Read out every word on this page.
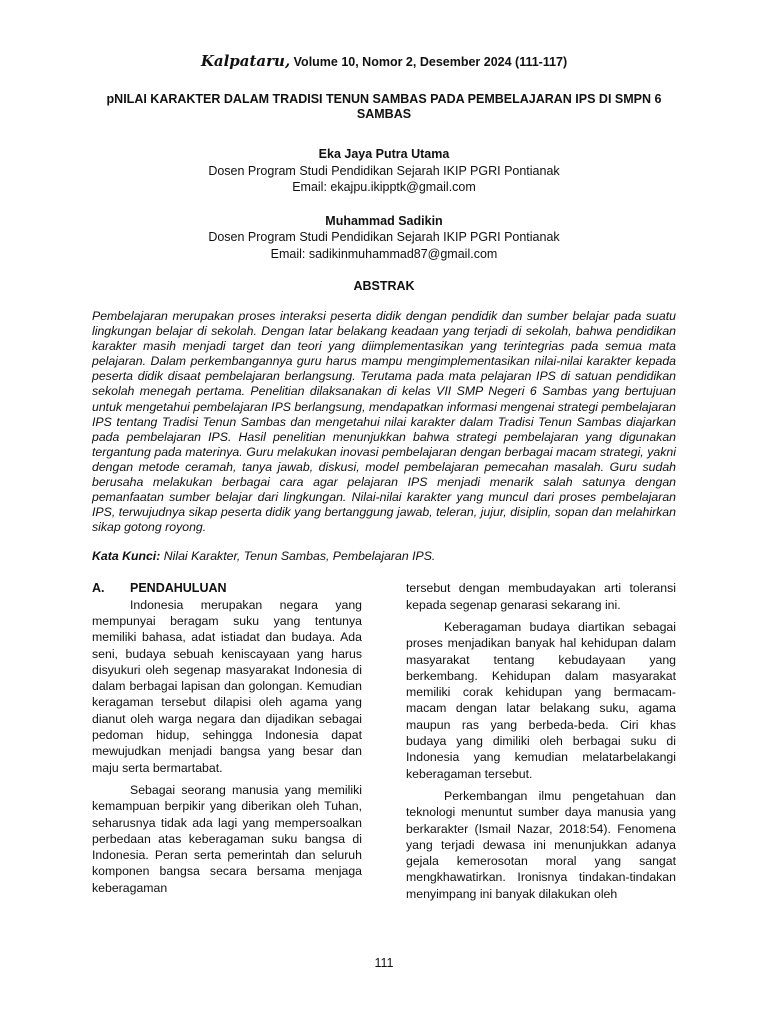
Kalpataru, Volume 10, Nomor 2, Desember 2024 (111-117)
pNILAI KARAKTER DALAM TRADISI TENUN SAMBAS PADA PEMBELAJARAN IPS DI SMPN 6 SAMBAS
Eka Jaya Putra Utama
Dosen Program Studi Pendidikan Sejarah IKIP PGRI Pontianak
Email: ekajpu.ikipptk@gmail.com
Muhammad Sadikin
Dosen Program Studi Pendidikan Sejarah IKIP PGRI Pontianak
Email: sadikinmuhammad87@gmail.com
ABSTRAK

Pembelajaran merupakan proses interaksi peserta didik dengan pendidik dan sumber belajar pada suatu lingkungan belajar di sekolah. Dengan latar belakang keadaan yang terjadi di sekolah, bahwa pendidikan karakter masih menjadi target dan teori yang diimplementasikan yang terintegrias pada semua mata pelajaran. Dalam perkembangannya guru harus mampu mengimplementasikan nilai-nilai karakter kepada peserta didik disaat pembelajaran berlangsung. Terutama pada mata pelajaran IPS di satuan pendidikan sekolah menegah pertama. Penelitian dilaksanakan di kelas VII SMP Negeri 6 Sambas yang bertujuan untuk mengetahui pembelajaran IPS berlangsung, mendapatkan informasi mengenai strategi pembelajaran IPS tentang Tradisi Tenun Sambas dan mengetahui nilai karakter dalam Tradisi Tenun Sambas diajarkan pada pembelajaran IPS. Hasil penelitian menunjukkan bahwa strategi pembelajaran yang digunakan tergantung pada materinya. Guru melakukan inovasi pembelajaran dengan berbagai macam strategi, yakni dengan metode ceramah, tanya jawab, diskusi, model pembelajaran pemecahan masalah. Guru sudah berusaha melakukan berbagai cara agar pelajaran IPS menjadi menarik salah satunya dengan pemanfaatan sumber belajar dari lingkungan. Nilai-nilai karakter yang muncul dari proses pembelajaran IPS, terwujudnya sikap peserta didik yang bertanggung jawab, teleran, jujur, disiplin, sopan dan melahirkan sikap gotong royong.

Kata Kunci: Nilai Karakter, Tenun Sambas, Pembelajaran IPS.
A.	PENDAHULUAN

Indonesia merupakan negara yang mempunyai beragam suku yang tentunya memiliki bahasa, adat istiadat dan budaya. Ada seni, budaya sebuah keniscayaan yang harus disyukuri oleh segenap masyarakat Indonesia di dalam berbagai lapisan dan golongan. Kemudian keragaman tersebut dilapisi oleh agama yang dianut oleh warga negara dan dijadikan sebagai pedoman hidup, sehingga Indonesia dapat mewujudkan menjadi bangsa yang besar dan maju serta bermartabat.

Sebagai seorang manusia yang memiliki kemampuan berpikir yang diberikan oleh Tuhan, seharusnya tidak ada lagi yang mempersoalkan perbedaan atas keberagaman suku bangsa di Indonesia. Peran serta pemerintah dan seluruh komponen bangsa secara bersama menjaga keberagaman

tersebut dengan membudayakan arti toleransi kepada segenap genarasi sekarang ini.

Keberagaman budaya diartikan sebagai proses menjadikan banyak hal kehidupan dalam masyarakat tentang kebudayaan yang berkembang. Kehidupan dalam masyarakat memiliki corak kehidupan yang bermacam-macam dengan latar belakang suku, agama maupun ras yang berbeda-beda. Ciri khas budaya yang dimiliki oleh berbagai suku di Indonesia yang kemudian melatarbelakangi keberagaman tersebut.

Perkembangan ilmu pengetahuan dan teknologi menuntut sumber daya manusia yang berkarakter (Ismail Nazar, 2018:54). Fenomena yang terjadi dewasa ini menunjukkan adanya gejala kemerosotan moral yang sangat mengkhawatirkan. Ironisnya tindakan-tindakan menyimpang ini banyak dilakukan oleh

111
